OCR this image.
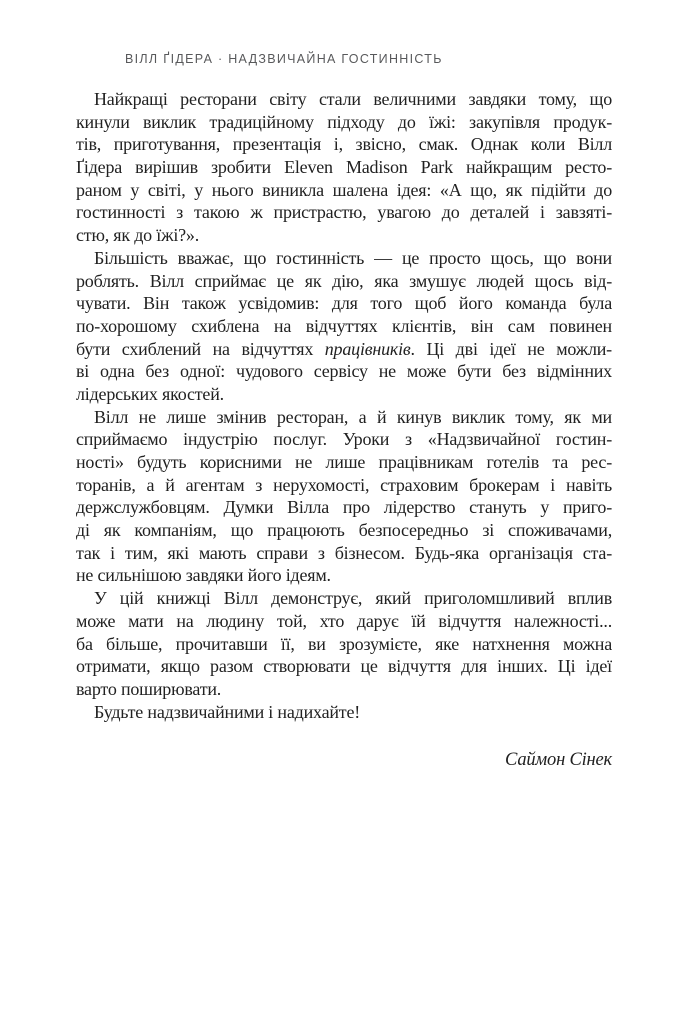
ВІЛЛ ҐІДЕРА · НАДЗВИЧАЙНА ГОСТИННІСТЬ
Найкращі ресторани світу стали величними завдяки тому, що
кинули виклик традиційному підходу до їжі: закупівля продук-
тів, приготування, презентація і, звісно, смак. Однак коли Вілл
Ґідера вирішив зробити Eleven Madison Park найкращим ресто-
раном у світі, у нього виникла шалена ідея: «А що, як підійти до
гостинності з такою ж пристрастю, увагою до деталей і завзяті-
стю, як до їжі?».
Більшість вважає, що гостинність — це просто щось, що вони
роблять. Вілл сприймає це як дію, яка змушує людей щось від-
чувати. Він також усвідомив: для того щоб його команда була
по-хорошому схиблена на відчуттях клієнтів, він сам повинен
бути схиблений на відчуттях працівників. Ці дві ідеї не можли-
ві одна без одної: чудового сервісу не може бути без відмінних
лідерських якостей.
Вілл не лише змінив ресторан, а й кинув виклик тому, як ми
сприймаємо індустрію послуг. Уроки з «Надзвичайної гостин-
ності» будуть корисними не лише працівникам готелів та рес-
торанів, а й агентам з нерухомості, страховим брокерам і навіть
держслужбовцям. Думки Вілла про лідерство стануть у приго-
ді як компаніям, що працюють безпосередньо зі споживачами,
так і тим, які мають справи з бізнесом. Будь-яка організація ста-
не сильнішою завдяки його ідеям.
У цій книжці Вілл демонструє, який приголомшливий вплив
може мати на людину той, хто дарує їй відчуття належності...
ба більше, прочитавши її, ви зрозумієте, яке натхнення можна
отримати, якщо разом створювати це відчуття для інших. Ці ідеї
варто поширювати.
Будьте надзвичайними і надихайте!
Саймон Сінек
